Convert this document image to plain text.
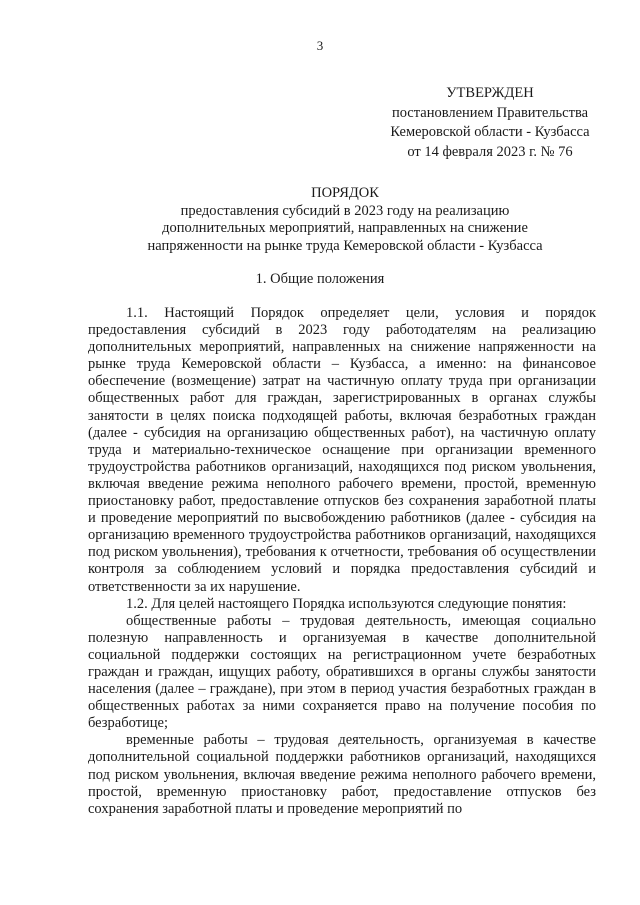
3
УТВЕРЖДЕН
постановлением Правительства
Кемеровской области - Кузбасса
от 14 февраля 2023 г. № 76
ПОРЯДОК
предоставления субсидий в 2023 году на реализацию
дополнительных мероприятий, направленных на снижение
напряженности на рынке труда Кемеровской области - Кузбасса
1. Общие положения

1.1. Настоящий Порядок определяет цели, условия и порядок предоставления субсидий в 2023 году работодателям на реализацию дополнительных мероприятий, направленных на снижение напряженности на рынке труда Кемеровской области – Кузбасса, а именно: на финансовое обеспечение (возмещение) затрат на частичную оплату труда при организации общественных работ для граждан, зарегистрированных в органах службы занятости в целях поиска подходящей работы, включая безработных граждан (далее - субсидия на организацию общественных работ), на частичную оплату труда и материально-техническое оснащение при организации временного трудоустройства работников организаций, находящихся под риском увольнения, включая введение режима неполного рабочего времени, простой, временную приостановку работ, предоставление отпусков без сохранения заработной платы и проведение мероприятий по высвобождению работников (далее - субсидия на организацию временного трудоустройства работников организаций, находящихся под риском увольнения), требования к отчетности, требования об осуществлении контроля за соблюдением условий и порядка предоставления субсидий и ответственности за их нарушение.

1.2. Для целей настоящего Порядка используются следующие понятия:

общественные работы – трудовая деятельность, имеющая социально полезную направленность и организуемая в качестве дополнительной социальной поддержки состоящих на регистрационном учете безработных граждан и граждан, ищущих работу, обратившихся в органы службы занятости населения (далее – граждане), при этом в период участия безработных граждан в общественных работах за ними сохраняется право на получение пособия по безработице;

временные работы – трудовая деятельность, организуемая в качестве дополнительной социальной поддержки работников организаций, находящихся под риском увольнения, включая введение режима неполного рабочего времени, простой, временную приостановку работ, предоставление отпусков без сохранения заработной платы и проведение мероприятий по
